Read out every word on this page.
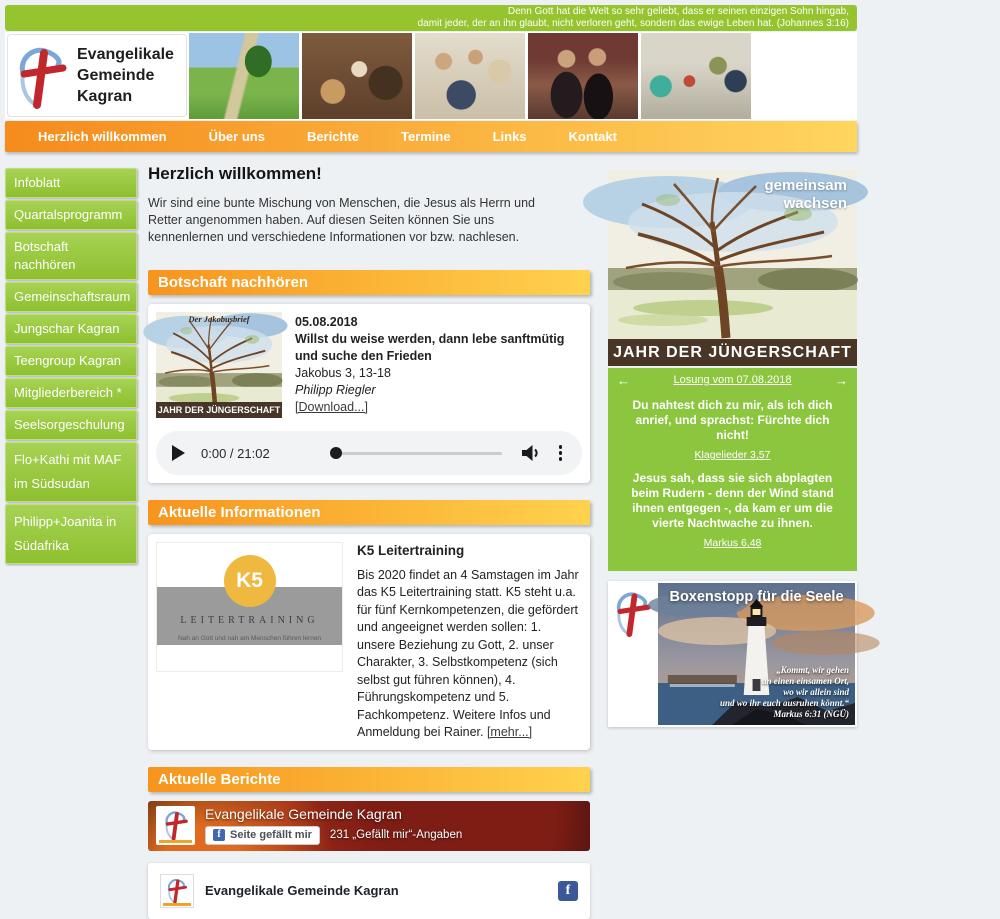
Denn Gott hat die Welt so sehr geliebt, dass er seinen einzigen Sohn hingab,
damit jeder, der an ihn glaubt, nicht verloren geht, sondern das ewige Leben hat. (Johannes 3:16)
Evangelikale
Gemeinde
Kagran
Herzlich willkommen	Über uns	Berichte	Termine	Links	Kontakt
Infoblatt
Quartalsprogramm
Botschaft nachhören
Gemeinschaftsraum
Jungschar Kagran
Teengroup Kagran
Mitgliederbereich *
Seelsorgeschulung
Flo+Kathi mit MAF im Südsudan
Philipp+Joanita in Südafrika
Herzlich willkommen!

Wir sind eine bunte Mischung von Menschen, die Jesus als Herrn und Retter angenommen haben. Auf diesen Seiten können Sie uns kennenlernen und verschiedene Informationen vor bzw. nachlesen.

Botschaft nachhören
Der Jakobusbrief
JAHR DER JÜNGERSCHAFT
05.08.2018
Willst du weise werden, dann lebe sanftmütig und suche den Frieden
Jakobus 3, 13-18
Philipp Riegler
[Download...]
0:00 / 21:02
Aktuelle Informationen
K5
LEITERTRAINING
Nah an Gott und nah am Menschen führen lernen
K5 Leitertraining
Bis 2020 findet an 4 Samstagen im Jahr das K5 Leitertraining statt. K5 steht u.a. für fünf Kernkompetenzen, die gefördert und angeeignet werden sollen: 1. unsere Beziehung zu Gott, 2. unser Charakter, 3. Selbstkompetenz (sich selbst gut führen können), 4. Führungskompetenz und 5. Fachkompetenz. Weitere Infos und Anmeldung bei Rainer. [mehr...]
Aktuelle Berichte
Evangelikale Gemeinde Kagran
f Seite gefällt mir 231 „Gefällt mir“-Angaben
Evangelikale Gemeinde Kagran	f
gemeinsam
wachsen
JAHR DER JÜNGERSCHAFT
←	Losung vom 07.08.2018	→
Du nahtest dich zu mir, als ich dich anrief, und sprachst: Fürchte dich nicht!
Klagelieder 3,57
Jesus sah, dass sie sich abplagten beim Rudern - denn der Wind stand ihnen entgegen -, da kam er um die vierte Nachtwache zu ihnen.
Markus 6,48
Boxenstopp für die Seele
„Kommt, wir gehen
an einen einsamen Ort,
wo wir allein sind
und wo ihr euch ausruhen könnt.“
Markus 6:31 (NGÜ)
